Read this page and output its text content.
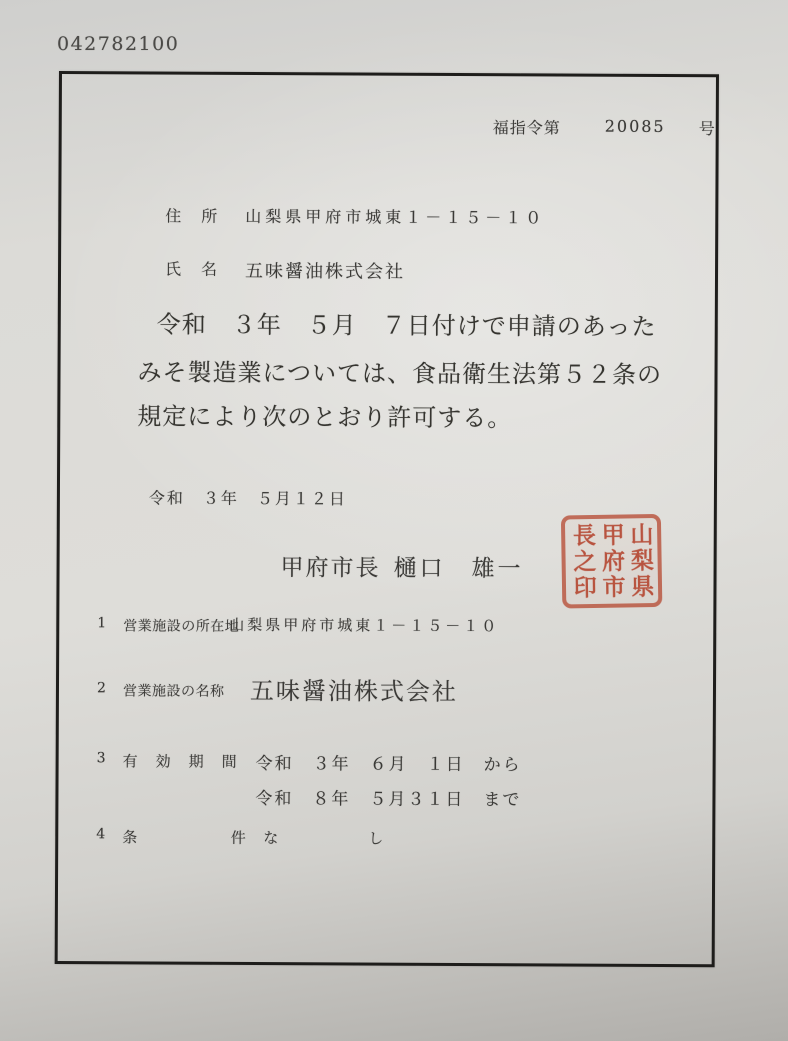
042782100
福指令第	20085 号
住　所 山梨県甲府市城東１－１５－１０
氏　名 五味醤油株式会社
令和　３年　５月　７日付けで申請のあった
みそ製造業については、食品衛生法第５２条の
規定により次のとおり許可する。
令和　３年　５月１２日
甲府市長 樋口　雄一	山梨県
甲府市
長之印
1 営業施設の所在地
山梨県甲府市城東１－１５－１０
2 営業施設の名称 五味醤油株式会社
3 有　効　期　間 令和　３年　６月　１日　から
令和　８年　５月３１日　まで
4 条　　　　　　件 な　　　　　　し
